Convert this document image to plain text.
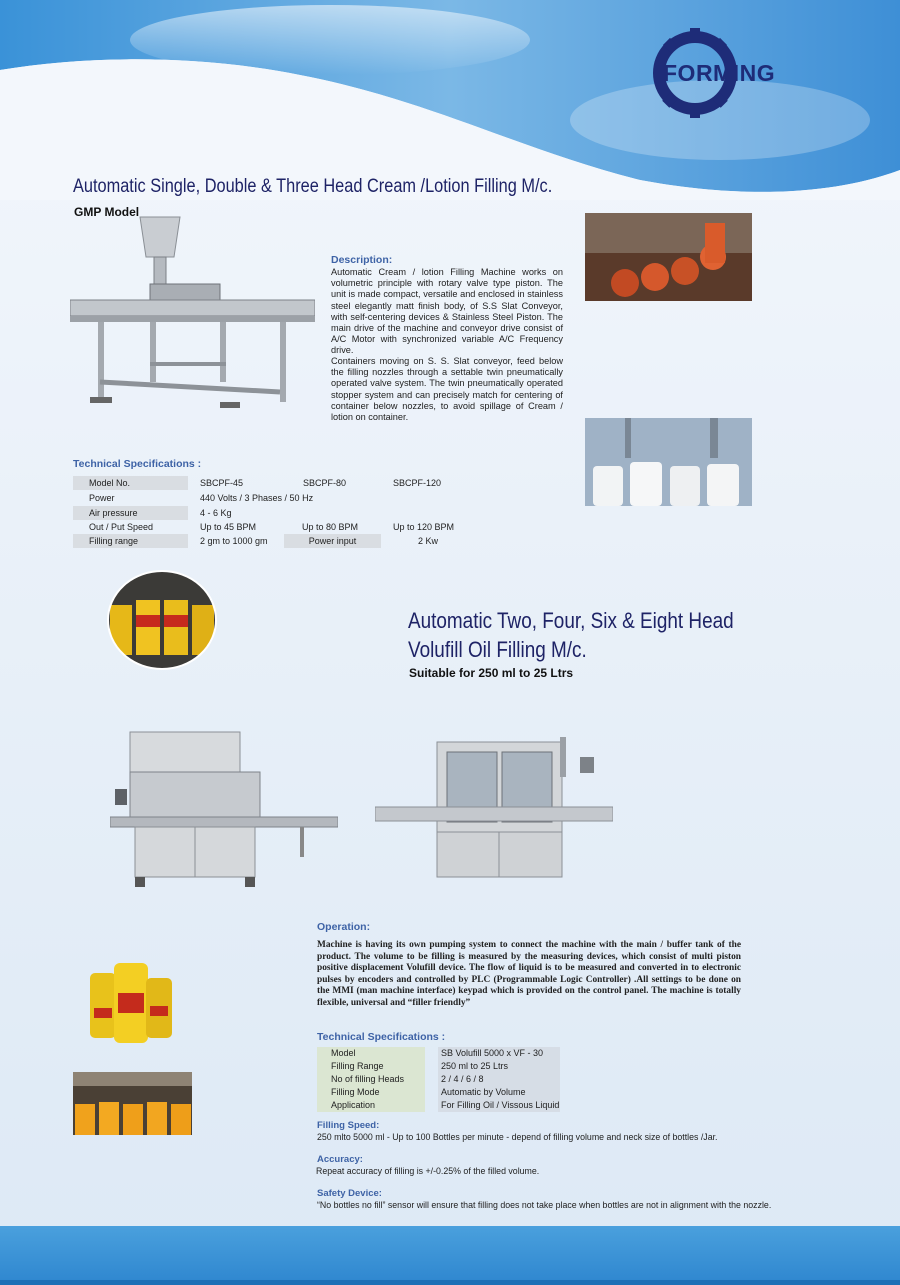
FORMING
Automatic Single, Double & Three Head Cream /Lotion Filling M/c.
GMP Model
Description:
Automatic Cream / lotion Filling Machine works on volumetric principle with rotary valve type piston. The unit is made compact, versatile and enclosed in stainless steel elegantly matt finish body, of S.S Slat Conveyor, with self-centering devices & Stainless Steel Piston. The main drive of the machine and conveyor drive consist of A/C Motor with synchronized variable A/C Frequency drive.
Containers moving on S. S. Slat conveyor, feed below the filling nozzles through a settable twin pneumatically operated valve system. The twin pneumatically operated stopper system and can precisely match for centering of container below nozzles, to avoid spillage of Cream / lotion on container.
Technical Specifications :
Model No.	SBCPF-45	SBCPF-80	SBCPF-120
Power	440 Volts / 3 Phases / 50 Hz
Air pressure	4 - 6 Kg
Out / Put Speed	Up to 45 BPM	Up to 80 BPM	Up to 120 BPM
Filling range	2 gm to 1000 gm	Power input	2 Kw
Automatic Two, Four, Six & Eight Head
Volufill Oil Filling M/c.
Suitable for 250 ml to 25 Ltrs
Operation:
Machine is having its own pumping system to connect the machine with the main / buffer tank of the product. The volume to be filling is measured by the measuring devices, which consist of multi piston positive displacement Volufill device. The flow of liquid is to be measured and converted in to electronic pulses by encoders and controlled by PLC (Programmable Logic Controller) .All settings to be done on the MMI (man machine interface) keypad which is provided on the control panel. The machine is totally flexible, universal and “filler friendly”
Technical Specifications :
Model	SB Volufill 5000 x VF - 30
Filling Range	250 ml to 25 Ltrs
No of filling Heads	2 / 4 / 6 / 8
Filling Mode	Automatic by Volume
Application	For Filling Oil / Vissous Liquid
Filling Speed:
250 mlto 5000 ml - Up to 100 Bottles per minute - depend of filling volume and neck size of bottles /Jar.
Accuracy:
Repeat accuracy of filling is +/-0.25% of the filled volume.
Safety Device:
“No bottles no fill” sensor will ensure that filling does not take place when bottles are not in alignment with the nozzle.
